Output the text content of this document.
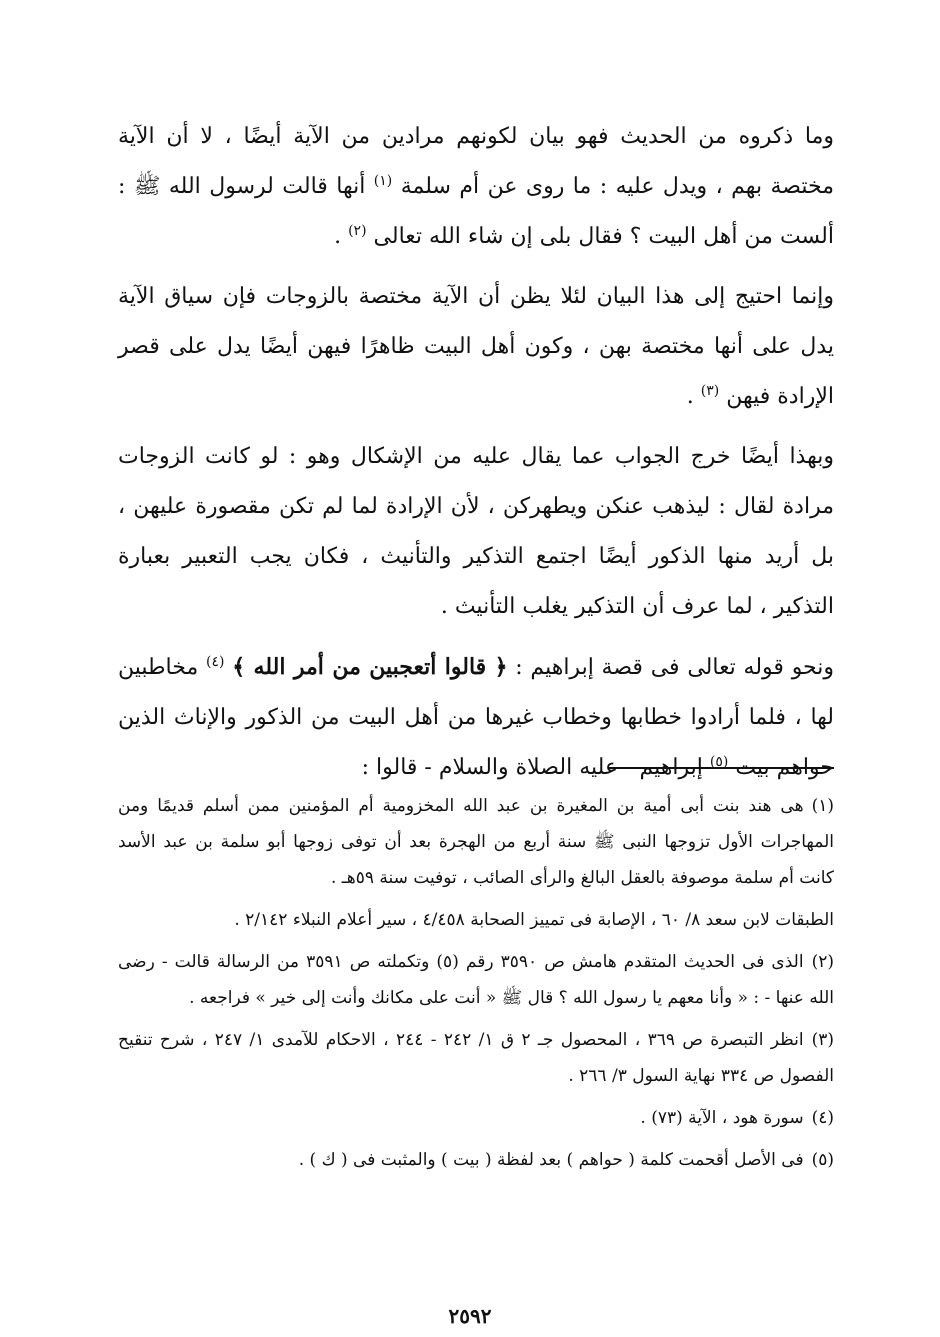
وما ذكروه من الحديث فهو بيان لكونهم مرادين من الآية أيضًا ، لا أن الآية مختصة بهم ، ويدل عليه : ما روى عن أم سلمة $^{(١)}$ أنها قالت لرسول الله ﷺ : ألست من أهل البيت ؟ فقال بلى إن شاء الله تعالى $^{(٢)}$ .

وإنما احتيج إلى هذا البيان لئلا يظن أن الآية مختصة بالزوجات فإن سياق الآية يدل على أنها مختصة بهن ، وكون أهل البيت ظاهرًا فيهن أيضًا يدل على قصر الإرادة فيهن $^{(٣)}$ .

وبهذا أيضًا خرج الجواب عما يقال عليه من الإشكال وهو : لو كانت الزوجات مرادة لقال : ليذهب عنكن ويطهركن ، لأن الإرادة لما لم تكن مقصورة عليهن ، بل أريد منها الذكور أيضًا اجتمع التذكير والتأنيث ، فكان يجب التعبير بعبارة التذكير ، لما عرف أن التذكير يغلب التأنيث .

ونحو قوله تعالى فى قصة إبراهيم : ﴿ قالوا أتعجبين من أمر الله ﴾ $^{(٤)}$ مخاطبين لها ، فلما أرادوا خطابها وخطاب غيرها من أهل البيت من الذكور والإناث الذين حواهم بيت $^{(٥)}$ إبراهيم - عليه الصلاة والسلام - قالوا :

(١)هى هند بنت أبى أمية بن المغيرة بن عبد الله المخزومية أم المؤمنين ممن أسلم قديمًا ومن المهاجرات الأول تزوجها النبى ﷺ سنة أربع من الهجرة بعد أن توفى زوجها أبو سلمة بن عبد الأسد كانت أم سلمة موصوفة بالعقل البالغ والرأى الصائب ، توفيت سنة ٥٩هـ .

الطبقات لابن سعد ٨/ ٦٠ ، الإصابة فى تمييز الصحابة ٤/٤٥٨ ، سير أعلام النبلاء ٢/١٤٢ .

(٢)الذى فى الحديث المتقدم هامش ص ٣٥٩٠ رقم (٥) وتكملته ص ٣٥٩١ من الرسالة قالت - رضى الله عنها - : « وأنا معهم يا رسول الله ؟ قال ﷺ « أنت على مكانك وأنت إلى خير » فراجعه .

(٣)انظر التبصرة ص ٣٦٩ ، المحصول جـ ٢ ق ١/ ٢٤٢ - ٢٤٤ ، الاحكام للآمدى ١/ ٢٤٧ ، شرح تنقيح الفصول ص ٣٣٤ نهاية السول ٣/ ٢٦٦ .

(٤)سورة هود ، الآية (٧٣) .

(٥)فى الأصل أقحمت كلمة ( حواهم ) بعد لفظة ( بيت ) والمثبت فى ( ك ) .

٢٥٩٢
